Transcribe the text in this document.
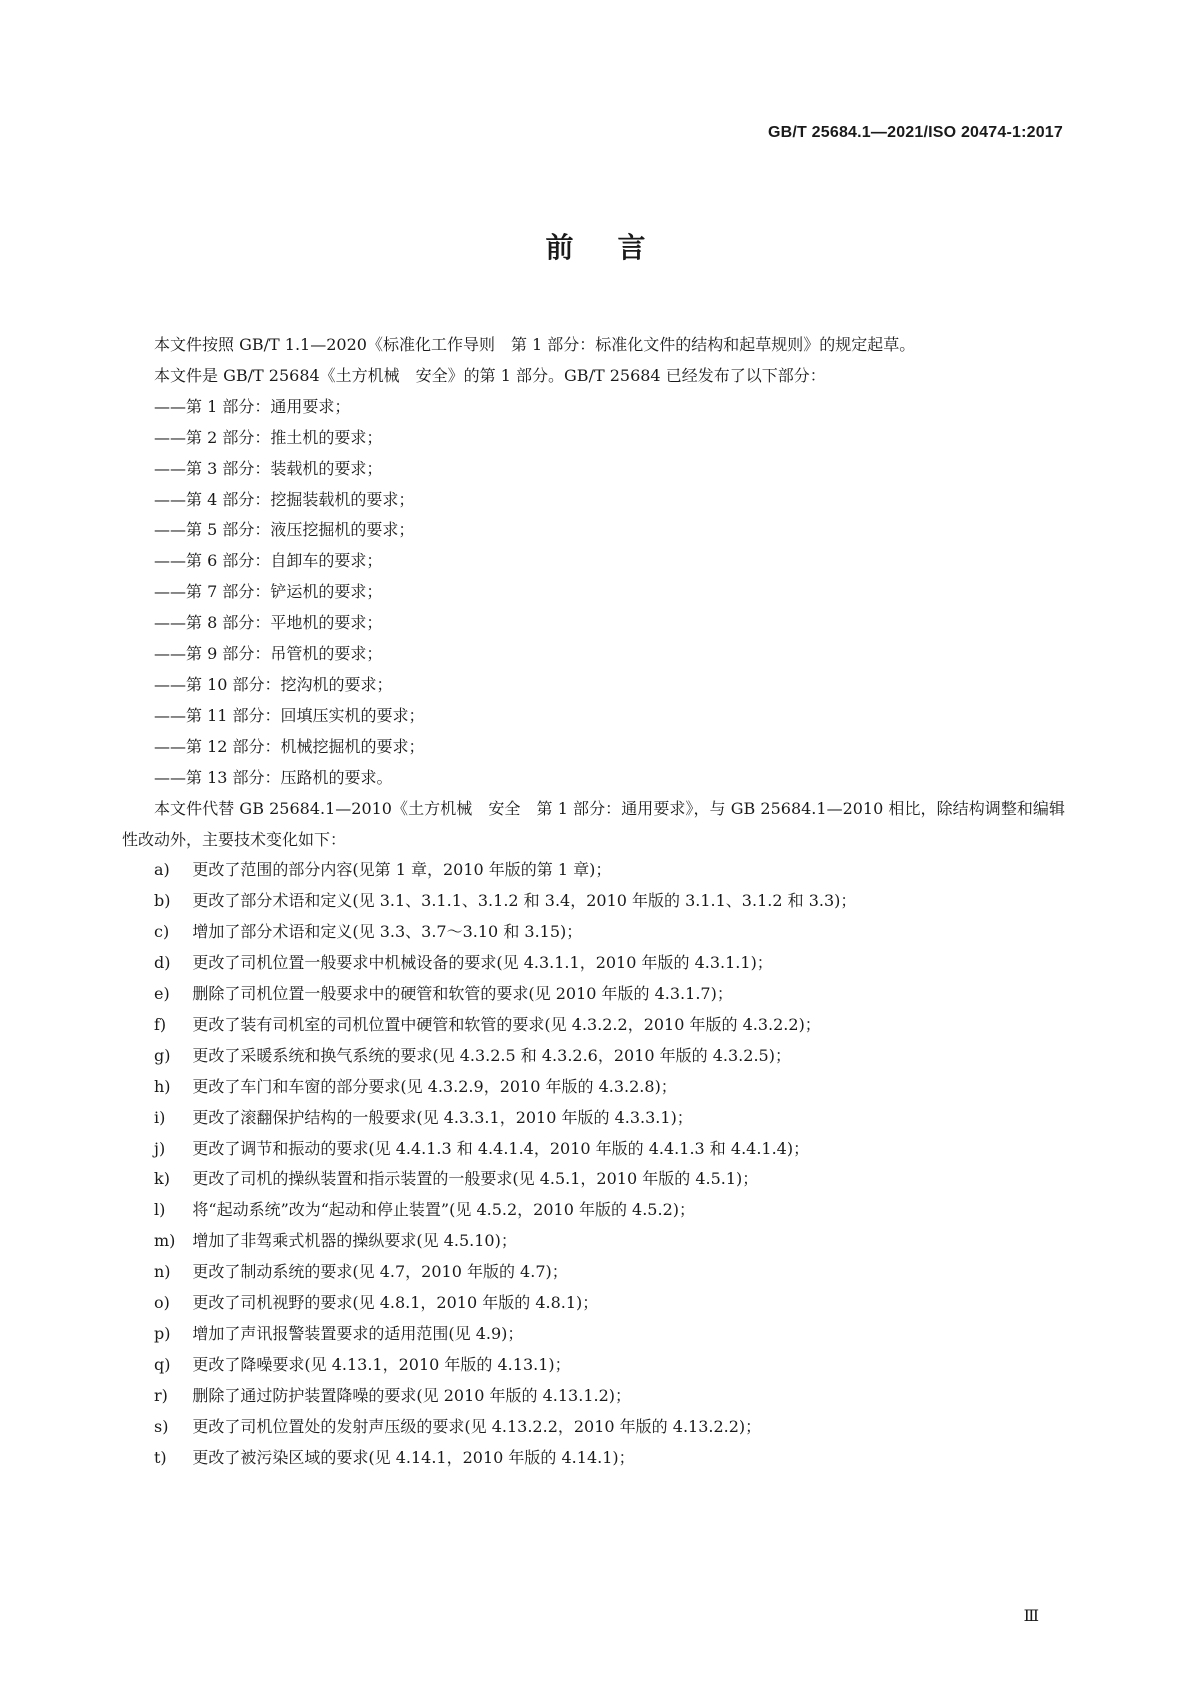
GB/T 25684.1—2021/ISO 20474-1:2017
前言

本文件按照 GB/T 1.1—2020《标准化工作导则　第 1 部分：标准化文件的结构和起草规则》的规定起草。

本文件是 GB/T 25684《土方机械　安全》的第 1 部分。GB/T 25684 已经发布了以下部分：

——第 1 部分：通用要求；

——第 2 部分：推土机的要求；

——第 3 部分：装载机的要求；

——第 4 部分：挖掘装载机的要求；

——第 5 部分：液压挖掘机的要求；

——第 6 部分：自卸车的要求；

——第 7 部分：铲运机的要求；

——第 8 部分：平地机的要求；

——第 9 部分：吊管机的要求；

——第 10 部分：挖沟机的要求；

——第 11 部分：回填压实机的要求；

——第 12 部分：机械挖掘机的要求；

——第 13 部分：压路机的要求。

本文件代替 GB 25684.1—2010《土方机械　安全　第 1 部分：通用要求》，与 GB 25684.1—2010 相比，除结构调整和编辑性改动外，主要技术变化如下：

a)	更改了范围的部分内容(见第 1 章，2010 年版的第 1 章)；

b)	更改了部分术语和定义(见 3.1、3.1.1、3.1.2 和 3.4，2010 年版的 3.1.1、3.1.2 和 3.3)；

c)	增加了部分术语和定义(见 3.3、3.7～3.10 和 3.15)；

d)	更改了司机位置一般要求中机械设备的要求(见 4.3.1.1，2010 年版的 4.3.1.1)；

e)	删除了司机位置一般要求中的硬管和软管的要求(见 2010 年版的 4.3.1.7)；

f)	更改了装有司机室的司机位置中硬管和软管的要求(见 4.3.2.2，2010 年版的 4.3.2.2)；

g)	更改了采暖系统和换气系统的要求(见 4.3.2.5 和 4.3.2.6，2010 年版的 4.3.2.5)；

h)	更改了车门和车窗的部分要求(见 4.3.2.9，2010 年版的 4.3.2.8)；

i)	更改了滚翻保护结构的一般要求(见 4.3.3.1，2010 年版的 4.3.3.1)；

j)	更改了调节和振动的要求(见 4.4.1.3 和 4.4.1.4，2010 年版的 4.4.1.3 和 4.4.1.4)；

k)	更改了司机的操纵装置和指示装置的一般要求(见 4.5.1，2010 年版的 4.5.1)；

l)	将“起动系统”改为“起动和停止装置”(见 4.5.2，2010 年版的 4.5.2)；

m)	增加了非驾乘式机器的操纵要求(见 4.5.10)；

n)	更改了制动系统的要求(见 4.7，2010 年版的 4.7)；

o)	更改了司机视野的要求(见 4.8.1，2010 年版的 4.8.1)；

p)	增加了声讯报警装置要求的适用范围(见 4.9)；

q)	更改了降噪要求(见 4.13.1，2010 年版的 4.13.1)；

r)	删除了通过防护装置降噪的要求(见 2010 年版的 4.13.1.2)；

s)	更改了司机位置处的发射声压级的要求(见 4.13.2.2，2010 年版的 4.13.2.2)；

t)	更改了被污染区域的要求(见 4.14.1，2010 年版的 4.14.1)；

Ⅲ
